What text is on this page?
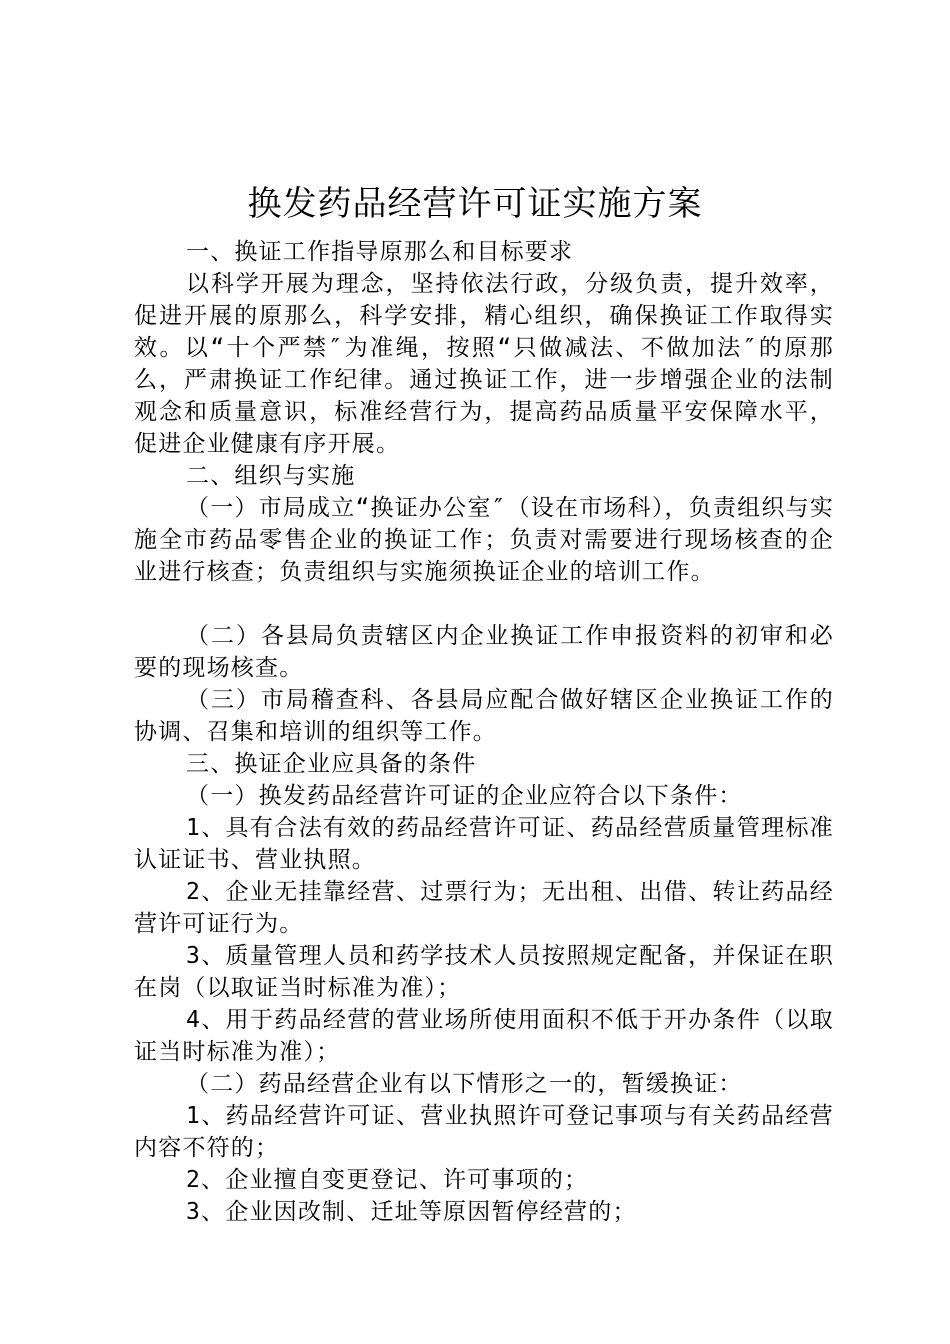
换发药品经营许可证实施方案

一、换证工作指导原那么和目标要求

以科学开展为理念，坚持依法行政，分级负责，提升效率，促进开展的原那么，科学安排，精心组织，确保换证工作取得实效。以“十个严禁″为准绳，按照“只做减法、不做加法″的原那么，严肃换证工作纪律。通过换证工作，进一步增强企业的法制观念和质量意识，标准经营行为，提高药品质量平安保障水平，促进企业健康有序开展。

二、组织与实施

（一）市局成立“换证办公室″（设在市场科），负责组织与实施全市药品零售企业的换证工作；负责对需要进行现场核查的企业进行核查；负责组织与实施须换证企业的培训工作。

（二）各县局负责辖区内企业换证工作申报资料的初审和必要的现场核查。

（三）市局稽查科、各县局应配合做好辖区企业换证工作的协调、召集和培训的组织等工作。

三、换证企业应具备的条件

（一）换发药品经营许可证的企业应符合以下条件：

1、具有合法有效的药品经营许可证、药品经营质量管理标准认证证书、营业执照。

2、企业无挂靠经营、过票行为；无出租、出借、转让药品经营许可证行为。

3、质量管理人员和药学技术人员按照规定配备，并保证在职在岗（以取证当时标准为准）；

4、用于药品经营的营业场所使用面积不低于开办条件（以取证当时标准为准）；

（二）药品经营企业有以下情形之一的，暂缓换证：

1、药品经营许可证、营业执照许可登记事项与有关药品经营内容不符的；

2、企业擅自变更登记、许可事项的；

3、企业因改制、迁址等原因暂停经营的；
